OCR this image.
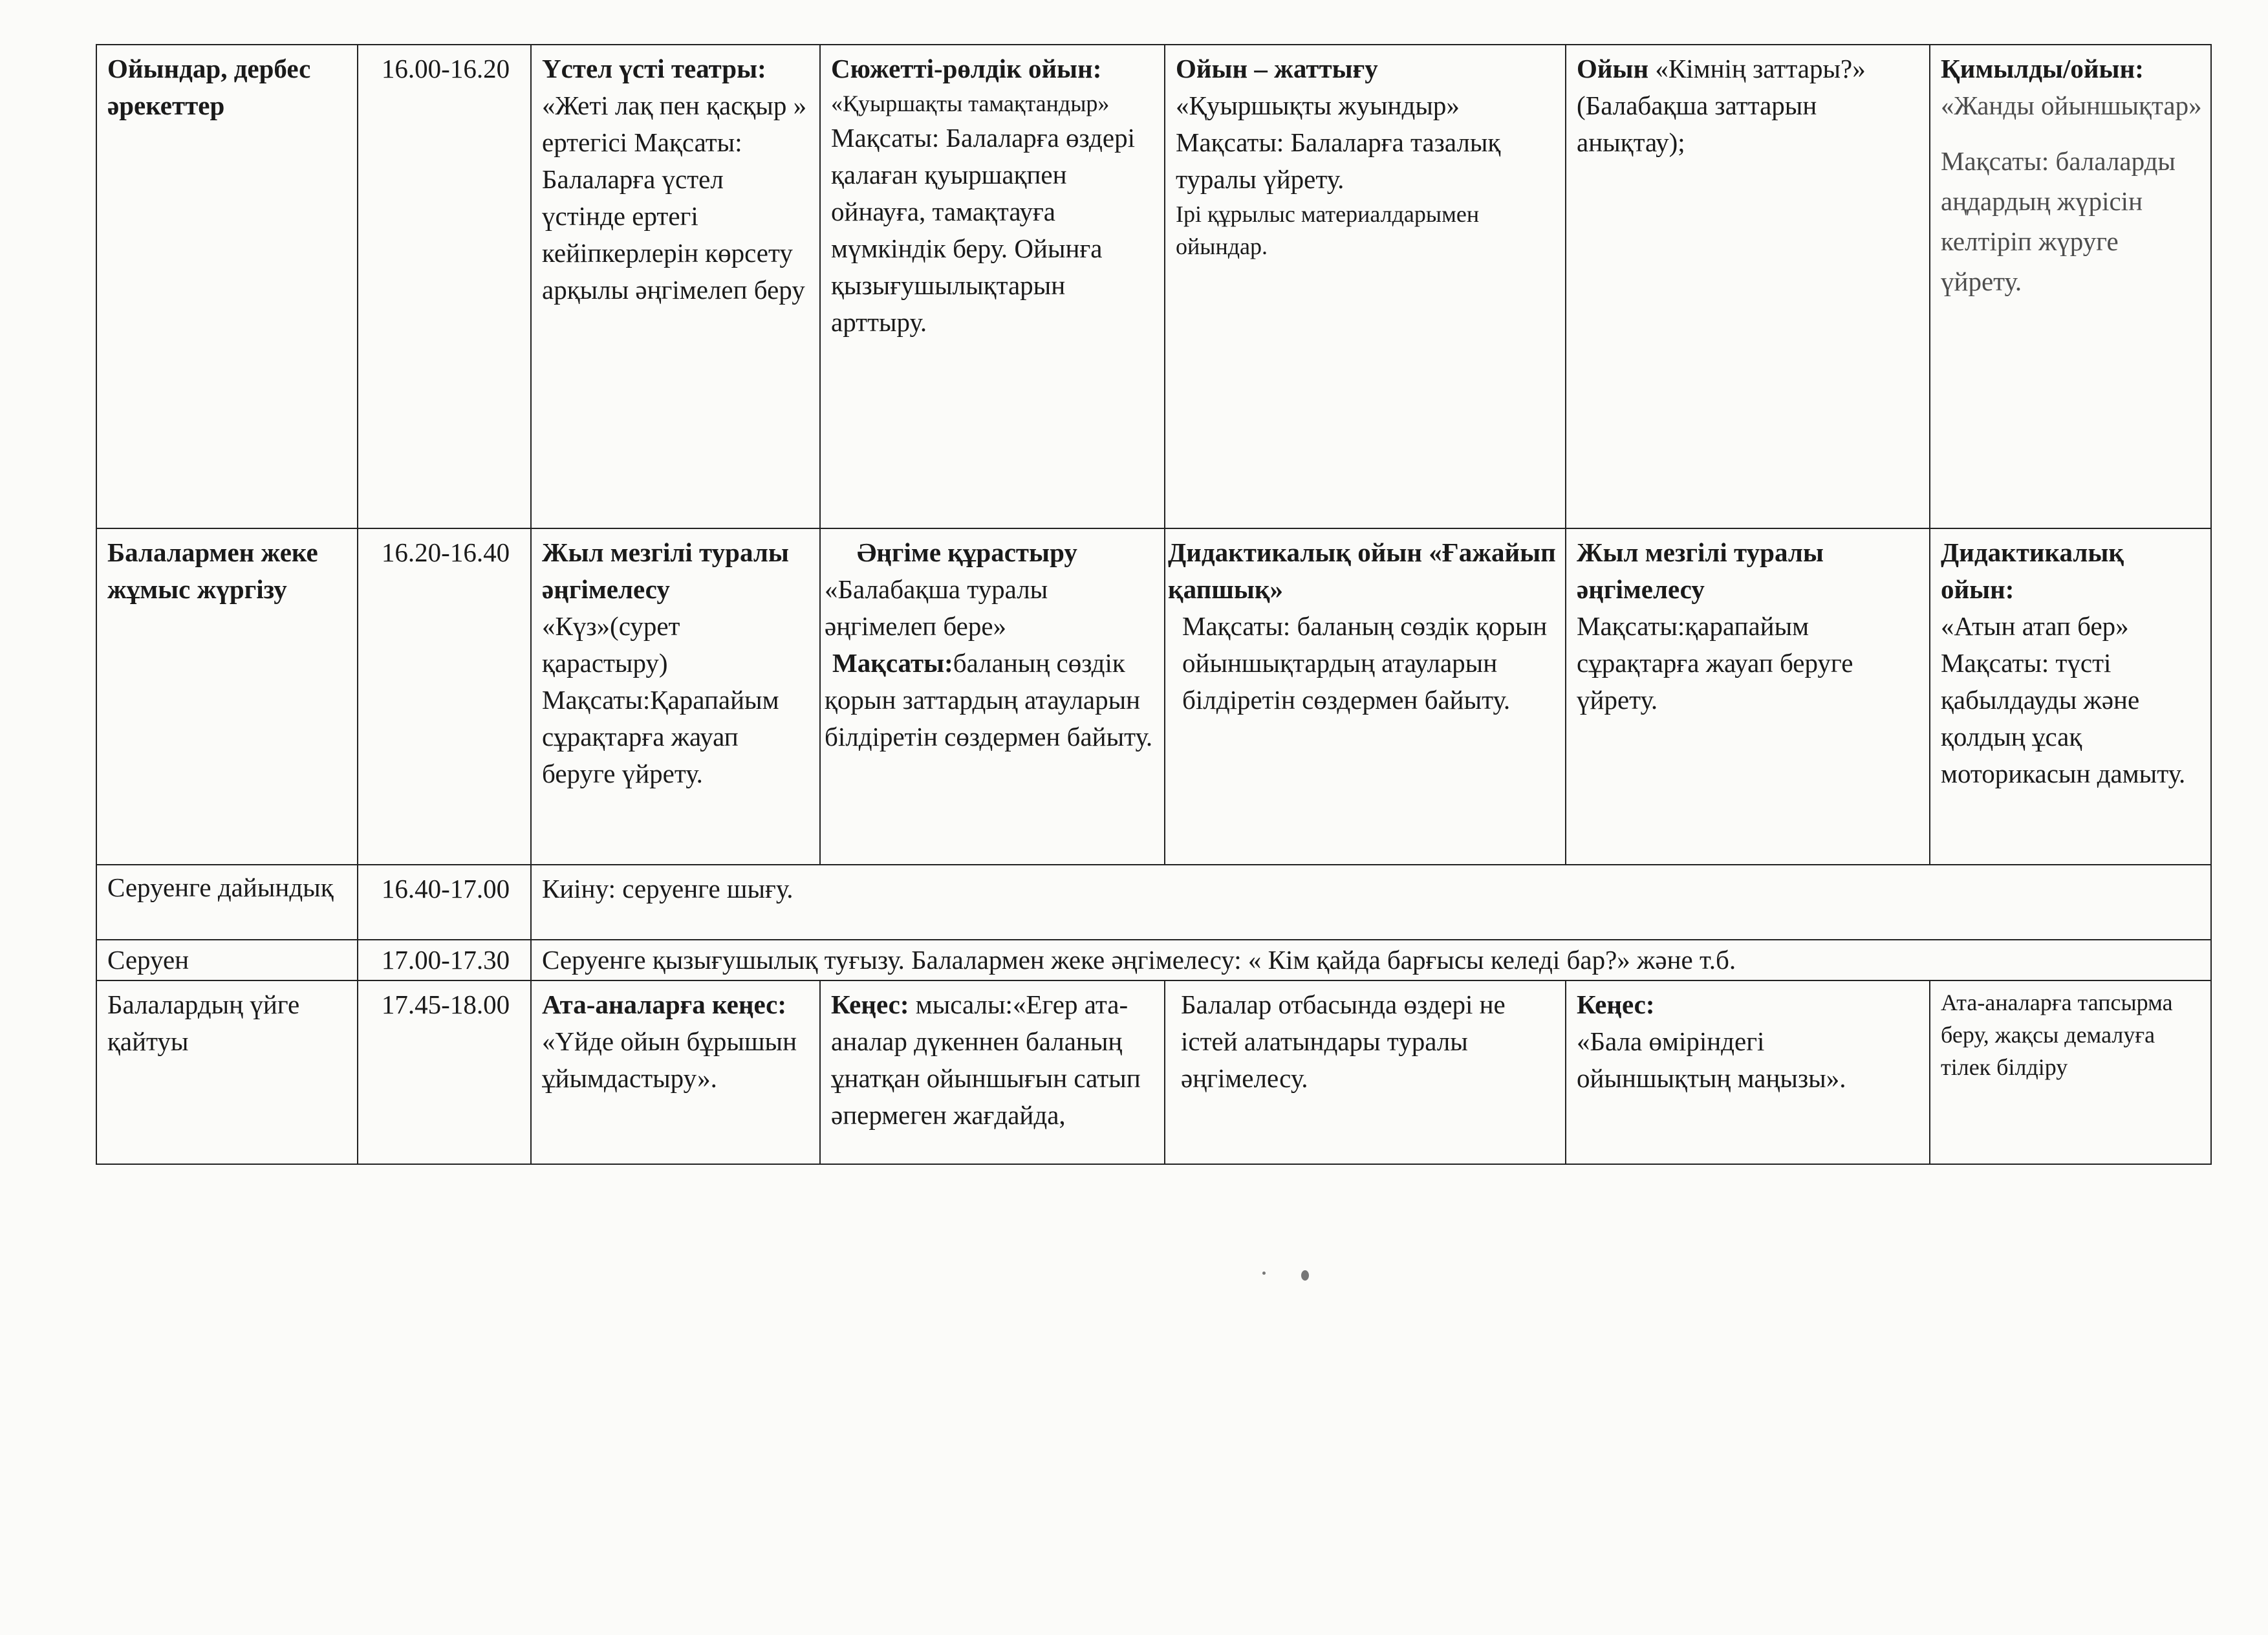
Ойындар, дербес әрекеттер	16.00-16.20	Үстел үсті театры:
«Жеті лақ пен қасқыр » ертегісі Мақсаты: Балаларға үстел үстінде ертегі кейіпкерлерін көрсету арқылы әңгімелеп беру	Сюжетті-рөлдік ойын:
«Қуыршақты тамақтандыр»
Мақсаты: Балаларға өздері қалаған қуыршақпен ойнауға, тамақтауға мүмкіндік беру. Ойынға қызығушылықтарын арттыру.	Ойын – жаттығу
«Қуыршықты жуындыр» Мақсаты: Балаларға тазалық туралы үйрету.
Ірі құрылыс материалдарымен ойындар.	Ойын «Кімнің заттары?» (Балабақша заттарын анықтау);	Қимылды/ойын:
«Жанды ойыншықтар»
Мақсаты: балаларды аңдардың жүрісін келтіріп жүруге үйрету.

Балалармен жеке жұмыс жүргізу	16.20-16.40	Жыл мезгілі туралы әңгімелесу
«Күз»(сурет қарастыру) Мақсаты:Қарапайым сұрақтарға жауап беруге үйрету.	Әңгіме құрастыру
«Балабақша туралы әңгімелеп бере»
Мақсаты:баланың сөздік қорын заттардың атауларын білдіретін сөздермен байыту.	Дидактикалық ойын «Ғажайып қапшық»
Мақсаты: баланың сөздік қорын ойыншықтардың атауларын білдіретін сөздермен байыту.	Жыл мезгілі туралы әңгімелесу
Мақсаты:қарапайым сұрақтарға жауап беруге үйрету.	Дидактикалық ойын:
«Атын атап бер»
Мақсаты: түсті қабылдауды және қолдың ұсақ моторикасын дамыту.

Серуенге дайындық	16.40-17.00	Киіну: серуенге шығу.				
Серуен	17.00-17.30	Серуенге қызығушылық туғызу. Балалармен жеке әңгімелесу: « Кім қайда барғысы келеді бар?» және т.б.				
Балалардың үйге қайтуы	17.45-18.00	Ата-аналарға кеңес:
«Үйде ойын бұрышын ұйымдастыру».	Кеңес: мысалы:«Егер ата-аналар дүкеннен баланың ұнатқан ойыншығын сатып әпермеген жағдайда,	Балалар отбасында өздері не істей алатындары туралы әңгімелесу.	Кеңес:
«Бала өміріндегі ойыншықтың маңызы».	Ата-аналарға тапсырма беру, жақсы демалуға тілек білдіру
